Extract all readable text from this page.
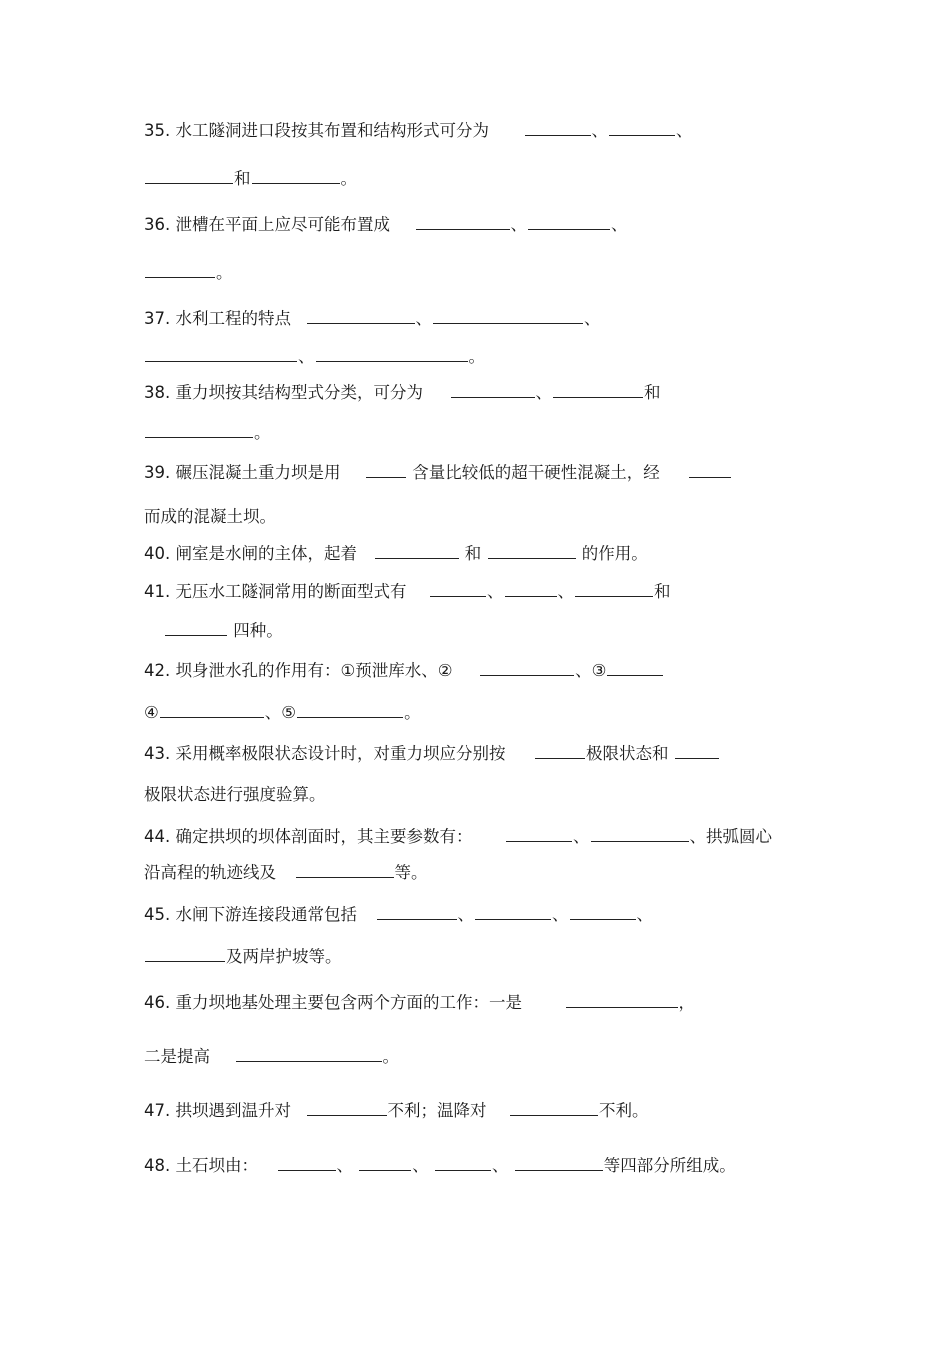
35. 水工隧洞进口段按其布置和结构形式可分为	、	、
和	。
36. 泄槽在平面上应尽可能布置成	、	、
。
37. 水利工程的特点	、	、
、	。
38. 重力坝按其结构型式分类，可分为	、	和
。
39. 碾压混凝土重力坝是用	含量比较低的超干硬性混凝土，经
而成的混凝土坝。
40. 闸室是水闸的主体，起着	和	的作用。
41. 无压水工隧洞常用的断面型式有	、	、	和
四种。
42. 坝身泄水孔的作用有：①预泄库水、②	、③
④	、⑤	。
43. 采用概率极限状态设计时，对重力坝应分别按	极限状态和
极限状态进行强度验算。
44. 确定拱坝的坝体剖面时，其主要参数有：	、	、拱弧圆心
沿高程的轨迹线及	等。
45. 水闸下游连接段通常包括	、	、	、
及两岸护坡等。
46. 重力坝地基处理主要包含两个方面的工作：一是	，
二是提高	。
47. 拱坝遇到温升对	不利；温降对	不利。
48. 土石坝由：	、	、	、	等四部分所组成。
